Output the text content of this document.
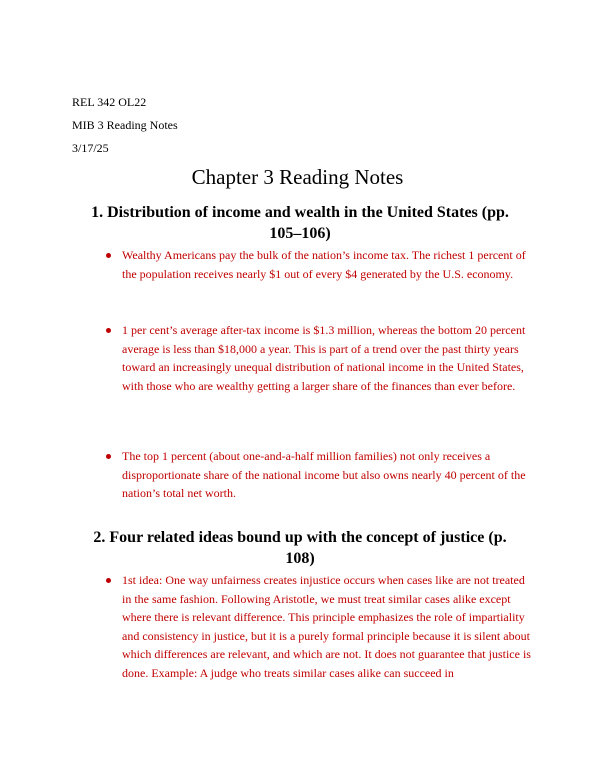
REL 342 OL22
MIB 3 Reading Notes
3/17/25
Chapter 3 Reading Notes
1. Distribution of income and wealth in the United States (pp. 105–106)
Wealthy Americans pay the bulk of the nation’s income tax. The richest 1 percent of the population receives nearly $1 out of every $4 generated by the U.S. economy.
1 per cent’s average after-tax income is $1.3 million, whereas the bottom 20 percent average is less than $18,000 a year. This is part of a trend over the past thirty years toward an increasingly unequal distribution of national income in the United States, with those who are wealthy getting a larger share of the finances than ever before.
The top 1 percent (about one-and-a-half million families) not only receives a disproportionate share of the national income but also owns nearly 40 percent of the nation’s total net worth.
2. Four related ideas bound up with the concept of justice (p. 108)
1st idea: One way unfairness creates injustice occurs when cases like are not treated in the same fashion. Following Aristotle, we must treat similar cases alike except where there is relevant difference. This principle emphasizes the role of impartiality and consistency in justice, but it is a purely formal principle because it is silent about which differences are relevant, and which are not. It does not guarantee that justice is done. Example: A judge who treats similar cases alike can succeed in
